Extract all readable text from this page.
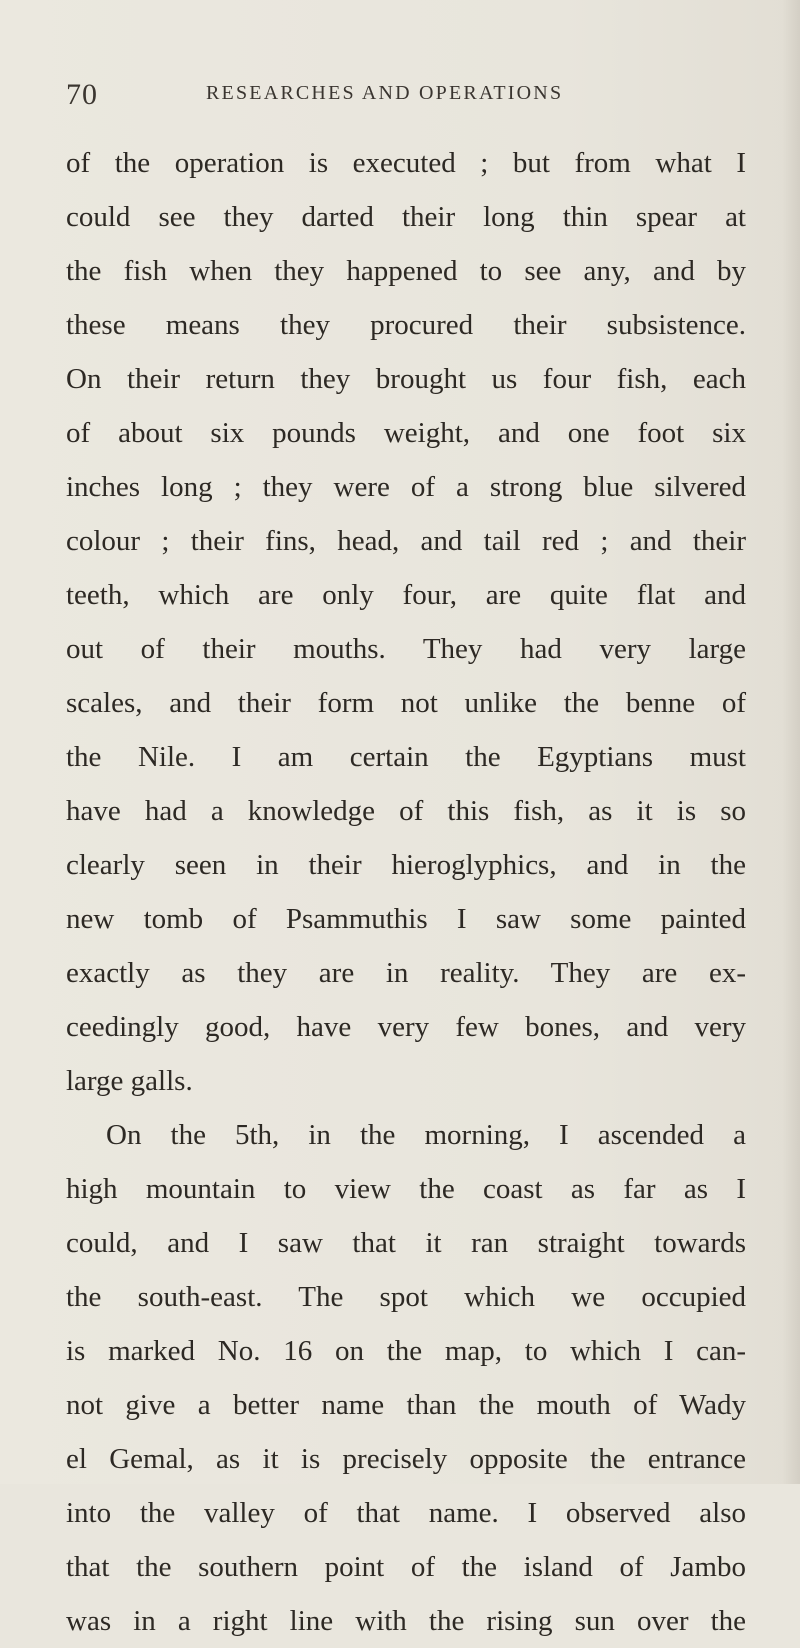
70	RESEARCHES AND OPERATIONS
of the operation is executed ; but from what I
could see they darted their long thin spear at
the fish when they happened to see any, and by
these means they procured their subsistence.
On their return they brought us four fish, each
of about six pounds weight, and one foot six
inches long ; they were of a strong blue silvered
colour ; their fins, head, and tail red ; and their
teeth, which are only four, are quite flat and
out of their mouths. They had very large
scales, and their form not unlike the benne of
the Nile. I am certain the Egyptians must
have had a knowledge of this fish, as it is so
clearly seen in their hieroglyphics, and in the
new tomb of Psammuthis I saw some painted
exactly as they are in reality. They are ex-
ceedingly good, have very few bones, and very
large galls.
On the 5th, in the morning, I ascended a
high mountain to view the coast as far as I
could, and I saw that it ran straight towards
the south-east. The spot which we occupied
is marked No. 16 on the map, to which I can-
not give a better name than the mouth of Wady
el Gemal, as it is precisely opposite the entrance
into the valley of that name. I observed also
that the southern point of the island of Jambo
was in a right line with the rising sun over the
